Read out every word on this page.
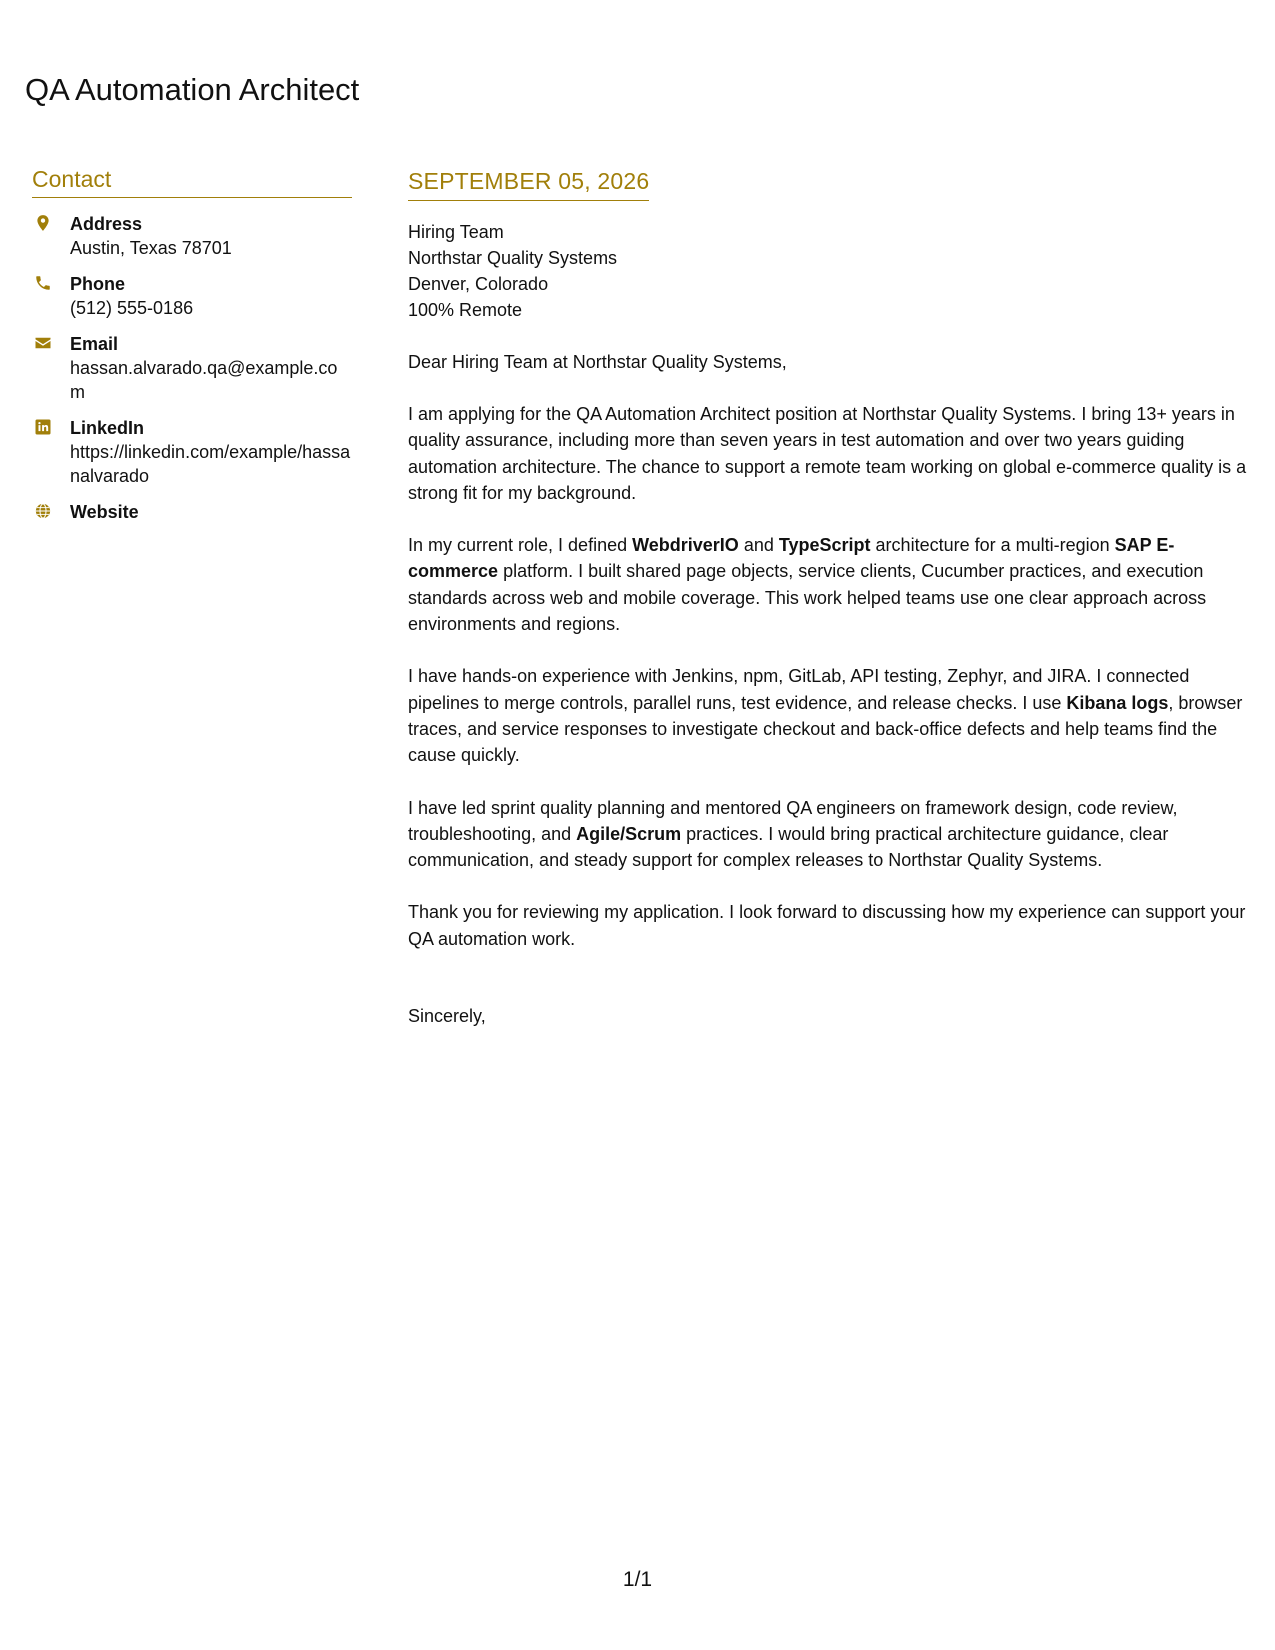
QA Automation Architect
Contact
Address
Austin, Texas 78701
Phone
(512) 555-0186
Email
hassan.alvarado.qa@example.com
LinkedIn
https://linkedin.com/example/hassanalvarado
Website
SEPTEMBER 05, 2026
Hiring Team
Northstar Quality Systems
Denver, Colorado
100% Remote
Dear Hiring Team at Northstar Quality Systems,
I am applying for the QA Automation Architect position at Northstar Quality Systems. I bring 13+ years in quality assurance, including more than seven years in test automation and over two years guiding automation architecture. The chance to support a remote team working on global e-commerce quality is a strong fit for my background.
In my current role, I defined WebdriverIO and TypeScript architecture for a multi-region SAP E-commerce platform. I built shared page objects, service clients, Cucumber practices, and execution standards across web and mobile coverage. This work helped teams use one clear approach across environments and regions.
I have hands-on experience with Jenkins, npm, GitLab, API testing, Zephyr, and JIRA. I connected pipelines to merge controls, parallel runs, test evidence, and release checks. I use Kibana logs, browser traces, and service responses to investigate checkout and back-office defects and help teams find the cause quickly.
I have led sprint quality planning and mentored QA engineers on framework design, code review, troubleshooting, and Agile/Scrum practices. I would bring practical architecture guidance, clear communication, and steady support for complex releases to Northstar Quality Systems.
Thank you for reviewing my application. I look forward to discussing how my experience can support your QA automation work.
Sincerely,
1/1
